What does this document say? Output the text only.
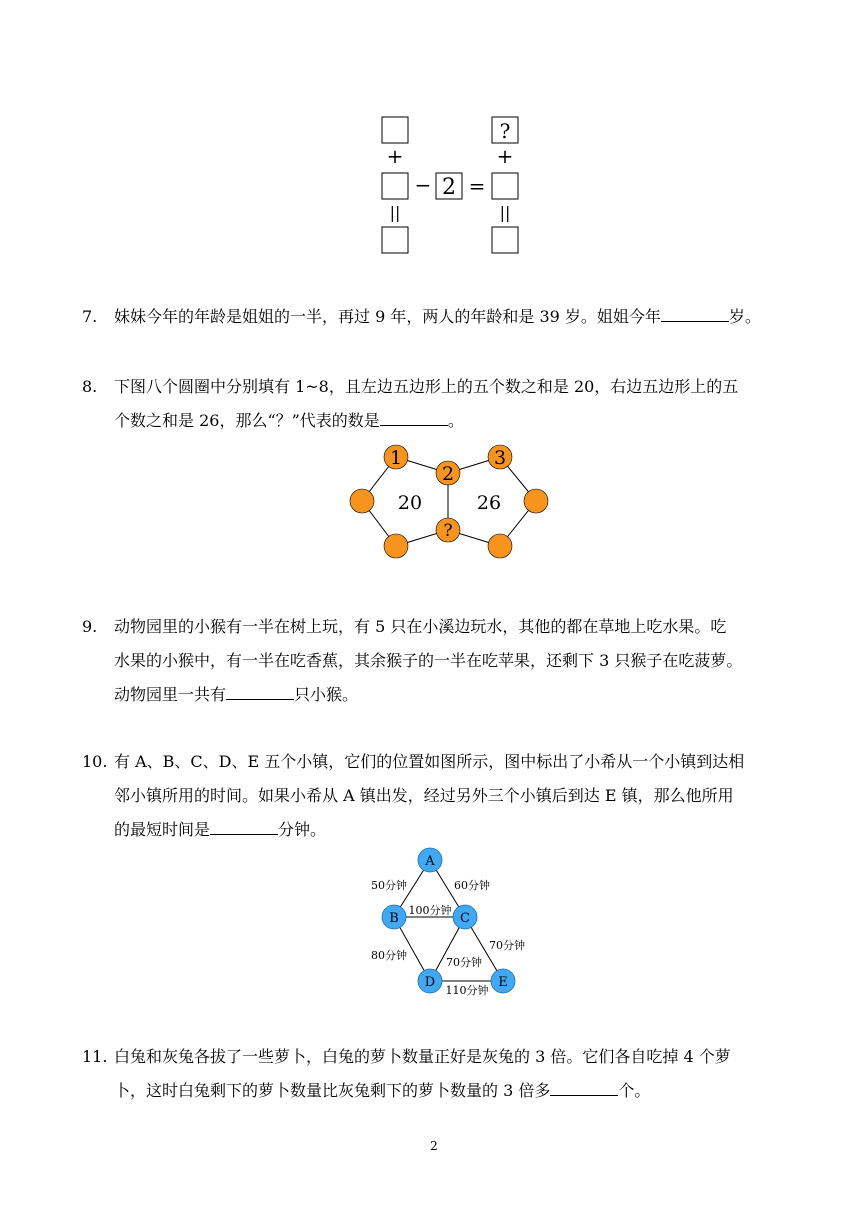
?
+	+
− 2 =
||	||
7. 妹妹今年的年龄是姐姐的一半，再过 9 年，两人的年龄和是 39 岁。姐姐今年	岁。
8. 下图八个圆圈中分别填有 1~8，且左边五边形上的五个数之和是 20，右边五边形上的五
个数之和是 26，那么“？”代表的数是	。
1
2
3
?
20	26
9. 动物园里的小猴有一半在树上玩，有 5 只在小溪边玩水，其他的都在草地上吃水果。吃
水果的小猴中，有一半在吃香蕉，其余猴子的一半在吃苹果，还剩下 3 只猴子在吃菠萝。
动物园里一共有	只小猴。
10. 有 A、B、C、D、E 五个小镇，它们的位置如图所示，图中标出了小希从一个小镇到达相
邻小镇所用的时间。如果小希从 A 镇出发，经过另外三个小镇后到达 E 镇，那么他所用
的最短时间是	分钟。
A
B	C
D	E
50分钟	60分钟
100分钟
70分钟
80分钟
70分钟
110分钟
11. 白兔和灰兔各拔了一些萝卜，白兔的萝卜数量正好是灰兔的 3 倍。它们各自吃掉 4 个萝
卜，这时白兔剩下的萝卜数量比灰兔剩下的萝卜数量的 3 倍多	个。
2
